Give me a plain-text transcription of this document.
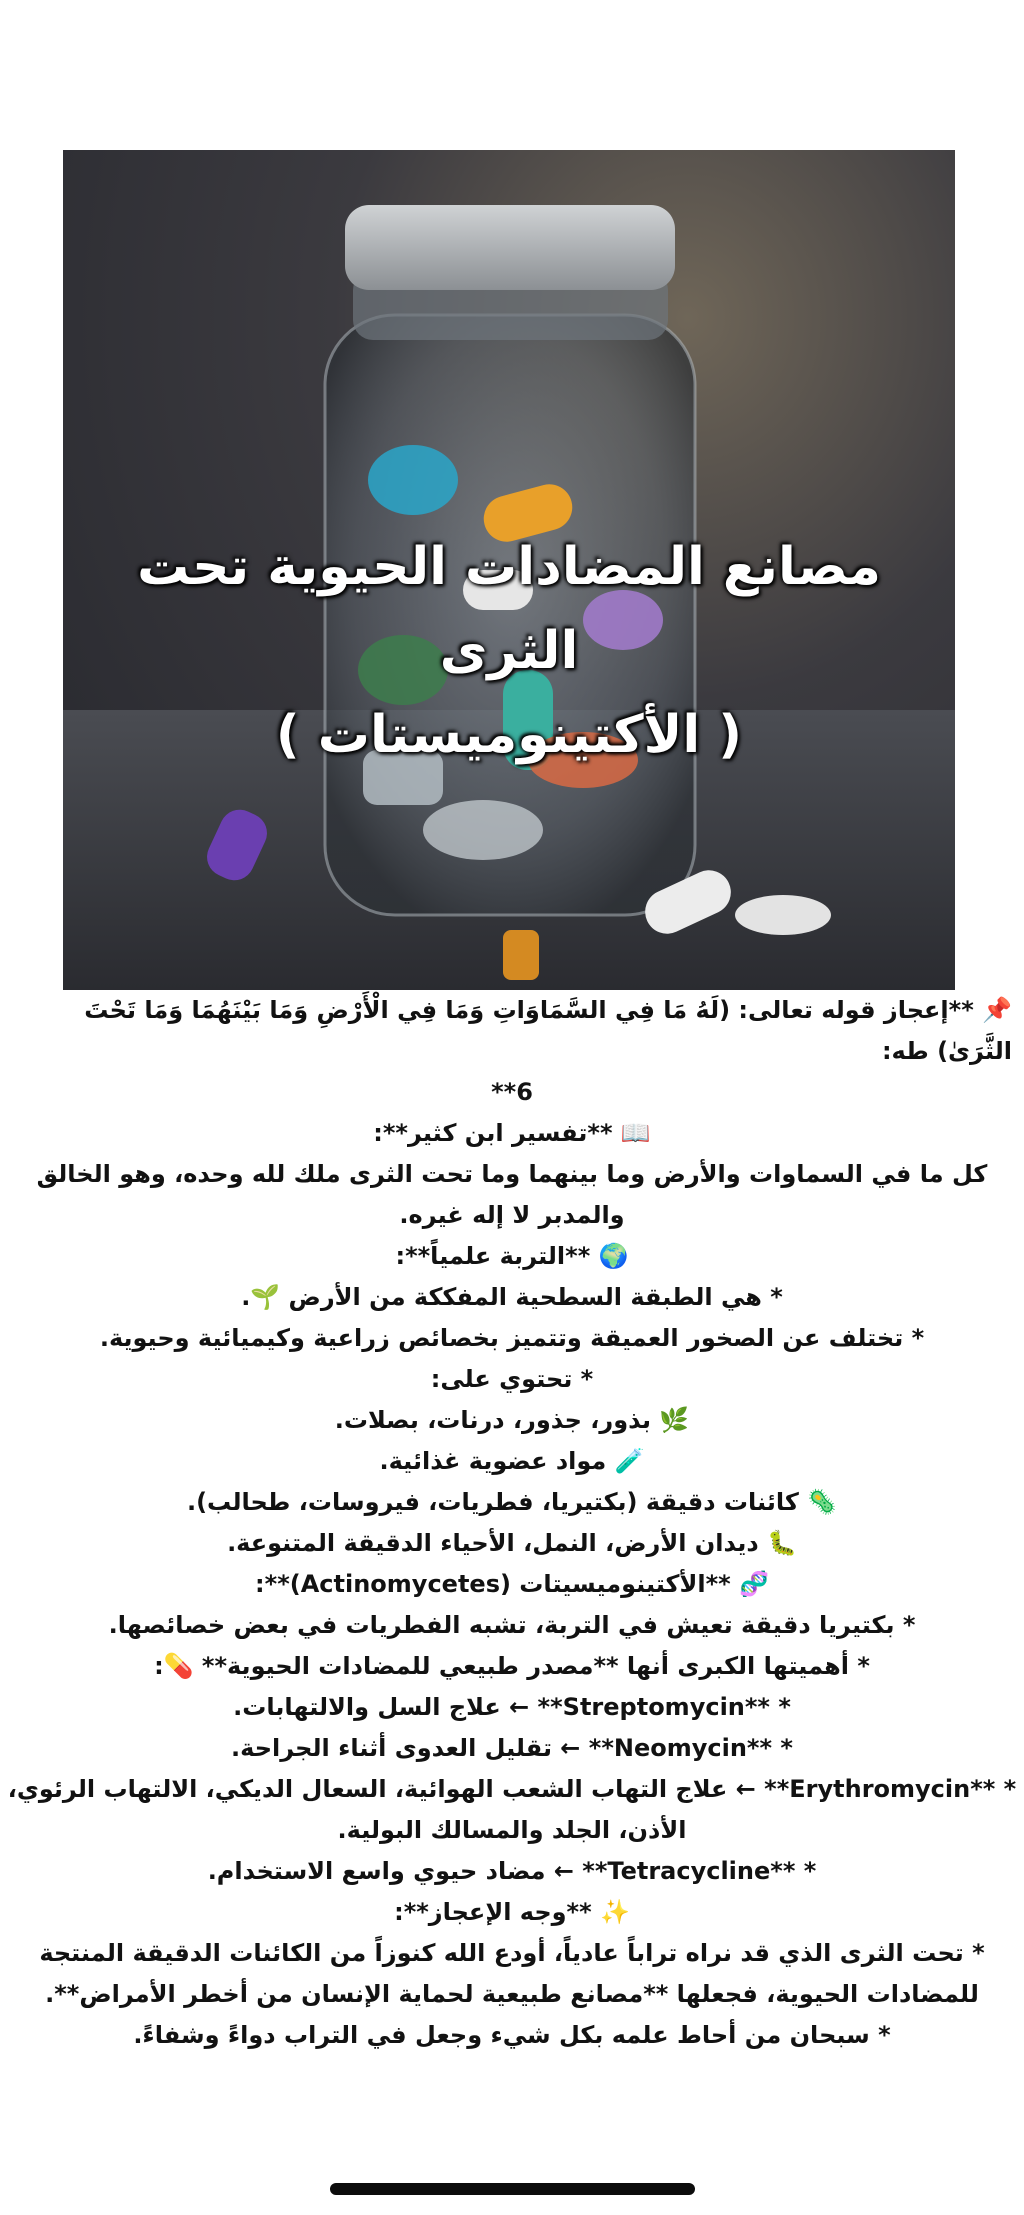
مصانع المضادات الحيوية تحت الثرى
( الأكتينوميستات )
📌 **إعجاز قوله تعالى: (لَهُ مَا فِي السَّمَاوَاتِ وَمَا فِي الْأَرْضِ وَمَا بَيْنَهُمَا وَمَا تَحْتَ الثَّرَىٰ) طه:
6**
📖 **تفسير ابن كثير**:
كل ما في السماوات والأرض وما بينهما وما تحت الثرى ملك لله وحده، وهو الخالق والمدبر لا إله غيره.
🌍 **التربة علمياً**:
* هي الطبقة السطحية المفككة من الأرض 🌱.
* تختلف عن الصخور العميقة وتتميز بخصائص زراعية وكيميائية وحيوية.
* تحتوي على:
🌿 بذور، جذور، درنات، بصلات.
🧪 مواد عضوية غذائية.
🦠 كائنات دقيقة (بكتيريا، فطريات، فيروسات، طحالب).
🐛 ديدان الأرض، النمل، الأحياء الدقيقة المتنوعة.
🧬 **الأكتينوميسيتات (Actinomycetes)**:
* بكتيريا دقيقة تعيش في التربة، تشبه الفطريات في بعض خصائصها.
* أهميتها الكبرى أنها **مصدر طبيعي للمضادات الحيوية** 💊:
* **Streptomycin** ← علاج السل والالتهابات.
* **Neomycin** ← تقليل العدوى أثناء الجراحة.
* **Erythromycin** ← علاج التهاب الشعب الهوائية، السعال الديكي، الالتهاب الرئوي، الأذن، الجلد والمسالك البولية.
* **Tetracycline** ← مضاد حيوي واسع الاستخدام.
✨ **وجه الإعجاز**:
* تحت الثرى الذي قد نراه تراباً عادياً، أودع الله كنوزاً من الكائنات الدقيقة المنتجة للمضادات الحيوية، فجعلها **مصانع طبيعية لحماية الإنسان من أخطر الأمراض**.
* سبحان من أحاط علمه بكل شيء وجعل في التراب دواءً وشفاءً.
